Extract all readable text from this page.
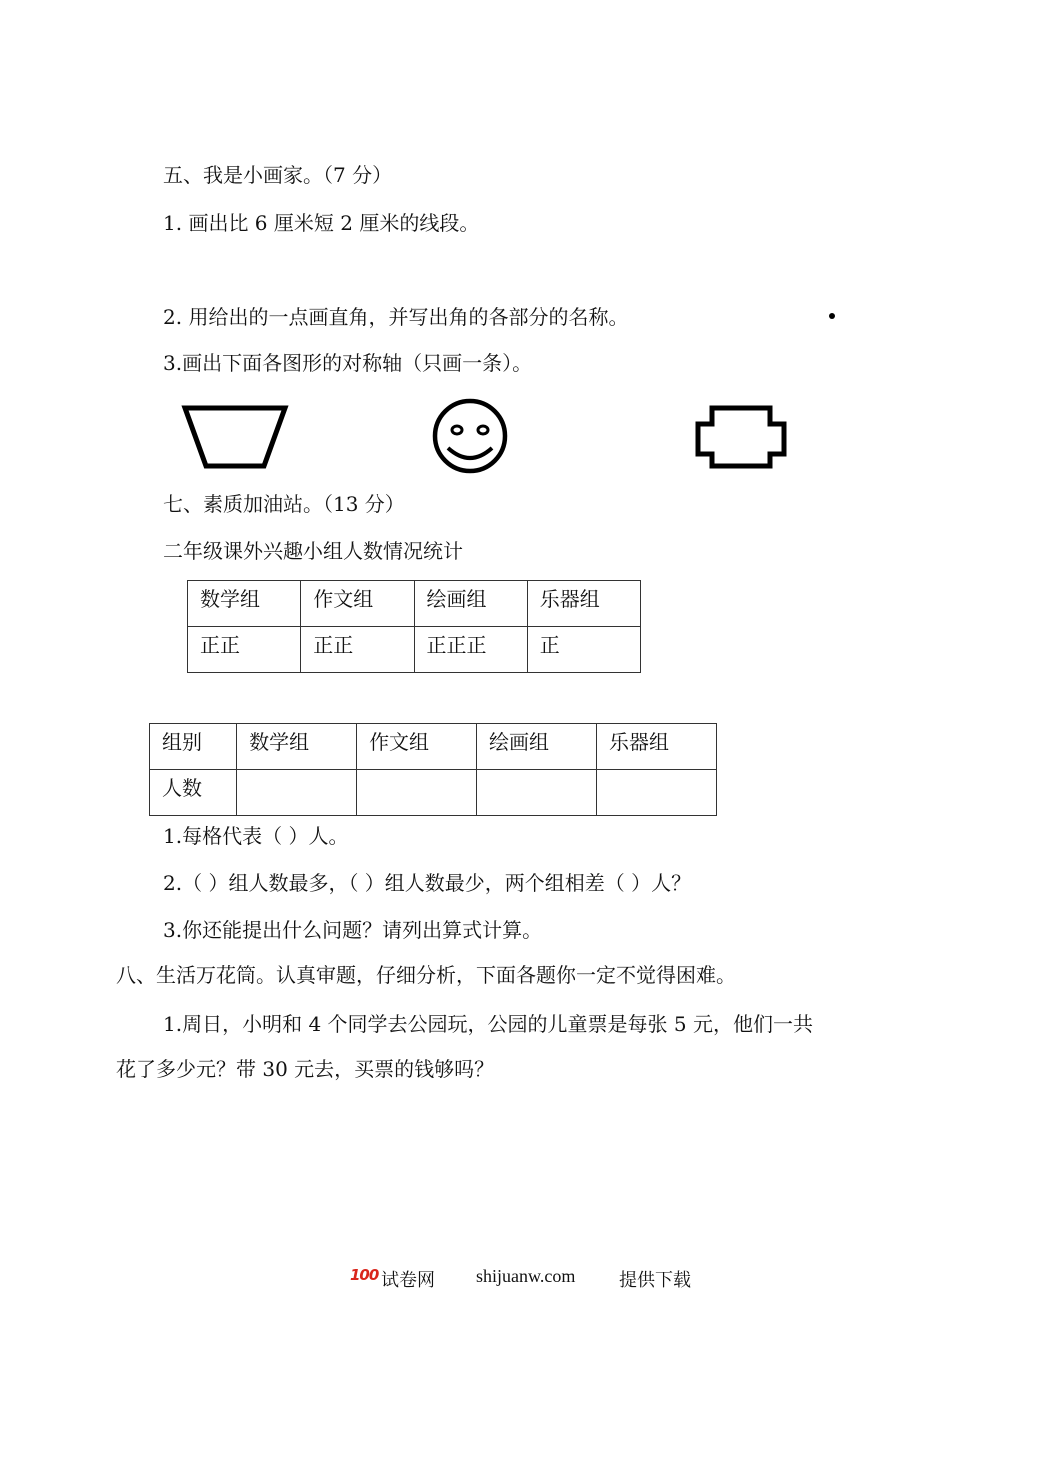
五、我是小画家。（7 分）
1. 画出比 6 厘米短 2 厘米的线段。
2. 用给出的一点画直角，并写出角的各部分的名称。
3.画出下面各图形的对称轴（只画一条）。
七、素质加油站。（13 分）
二年级课外兴趣小组人数情况统计
数学组	作文组	绘画组	乐器组
正正	正正	正正正	正
组别	数学组	作文组	绘画组	乐器组
人数				
1.每格代表（ ）人。
2.（ ）组人数最多，（ ）组人数最少，两个组相差（ ）人？
3.你还能提出什么问题？请列出算式计算。
八、生活万花筒。认真审题，仔细分析，下面各题你一定不觉得困难。
1.周日，小明和 4 个同学去公园玩，公园的儿童票是每张 5 元，他们一共
花了多少元？带 30 元去，买票的钱够吗？
100 试卷网 shijuanw.com 提供下载
